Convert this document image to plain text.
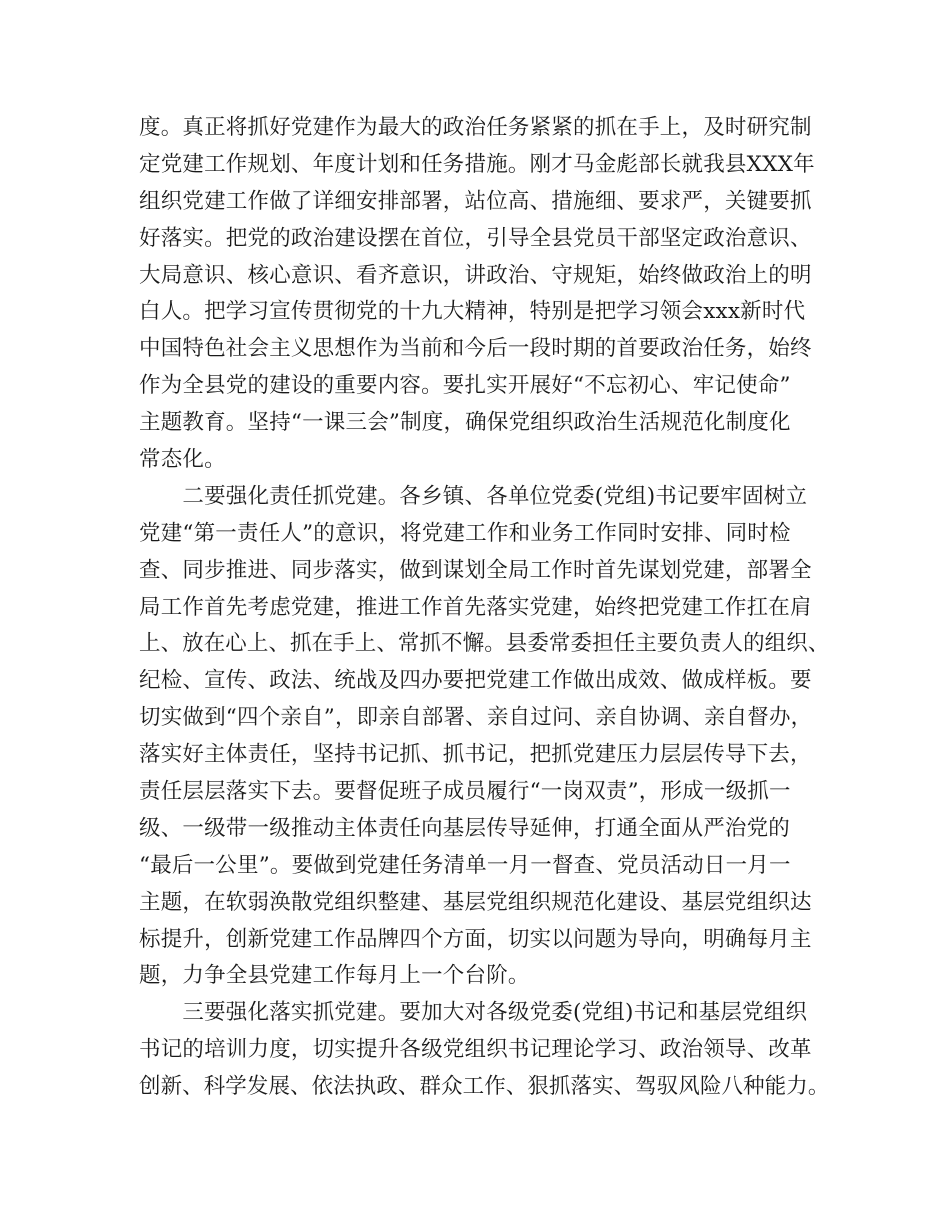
度。真正将抓好党建作为最大的政治任务紧紧的抓在手上，及时研究制
定党建工作规划、年度计划和任务措施。刚才马金彪部长就我县XXX年
组织党建工作做了详细安排部署，站位高、措施细、要求严，关键要抓
好落实。把党的政治建设摆在首位，引导全县党员干部坚定政治意识、
大局意识、核心意识、看齐意识，讲政治、守规矩，始终做政治上的明
白人。把学习宣传贯彻党的十九大精神，特别是把学习领会xxx新时代
中国特色社会主义思想作为当前和今后一段时期的首要政治任务，始终
作为全县党的建设的重要内容。要扎实开展好“不忘初心、牢记使命”
主题教育。坚持“一课三会”制度，确保党组织政治生活规范化制度化
常态化。
　　二要强化责任抓党建。各乡镇、各单位党委(党组)书记要牢固树立
党建“第一责任人”的意识，将党建工作和业务工作同时安排、同时检
查、同步推进、同步落实，做到谋划全局工作时首先谋划党建，部署全
局工作首先考虑党建，推进工作首先落实党建，始终把党建工作扛在肩
上、放在心上、抓在手上、常抓不懈。县委常委担任主要负责人的组织、
纪检、宣传、政法、统战及四办要把党建工作做出成效、做成样板。要
切实做到“四个亲自”，即亲自部署、亲自过问、亲自协调、亲自督办，
落实好主体责任，坚持书记抓、抓书记，把抓党建压力层层传导下去，
责任层层落实下去。要督促班子成员履行“一岗双责”，形成一级抓一
级、一级带一级推动主体责任向基层传导延伸，打通全面从严治党的
“最后一公里”。要做到党建任务清单一月一督查、党员活动日一月一
主题，在软弱涣散党组织整建、基层党组织规范化建设、基层党组织达
标提升，创新党建工作品牌四个方面，切实以问题为导向，明确每月主
题，力争全县党建工作每月上一个台阶。
　　三要强化落实抓党建。要加大对各级党委(党组)书记和基层党组织
书记的培训力度，切实提升各级党组织书记理论学习、政治领导、改革
创新、科学发展、依法执政、群众工作、狠抓落实、驾驭风险八种能力。
